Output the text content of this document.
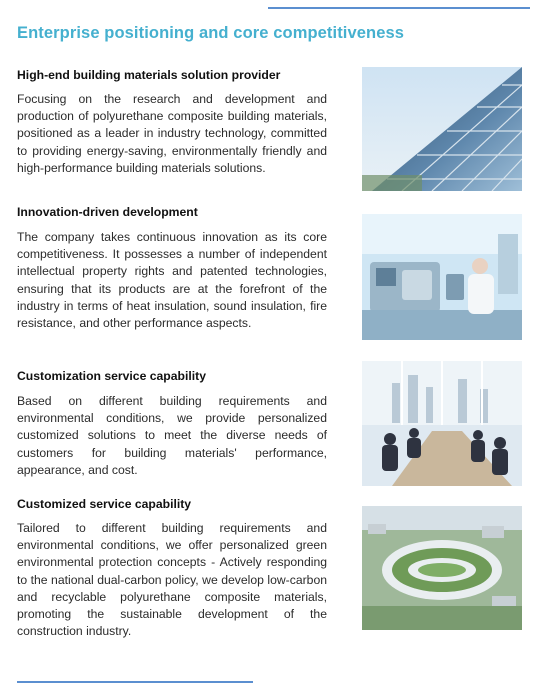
Enterprise positioning and core competitiveness
High-end building materials solution provider
Focusing on the research and development and production of polyurethane composite building materials, positioned as a leader in industry technology, committed to providing energy-saving, environmentally friendly and high-performance building materials solutions.
Innovation-driven development
The company takes continuous innovation as its core competitiveness. It possesses a number of independent intellectual property rights and patented technologies, ensuring that its products are at the forefront of the industry in terms of heat insulation, sound insulation, fire resistance, and other performance aspects.
Customization service capability
Based on different building requirements and environmental conditions, we provide personalized customized solutions to meet the diverse needs of customers for building materials' performance, appearance, and cost.
Customized service capability
Tailored to different building requirements and environmental conditions, we offer personalized green environmental protection concepts - Actively responding to the national dual-carbon policy, we develop low-carbon and recyclable polyurethane composite materials, promoting the sustainable development of the construction industry.
